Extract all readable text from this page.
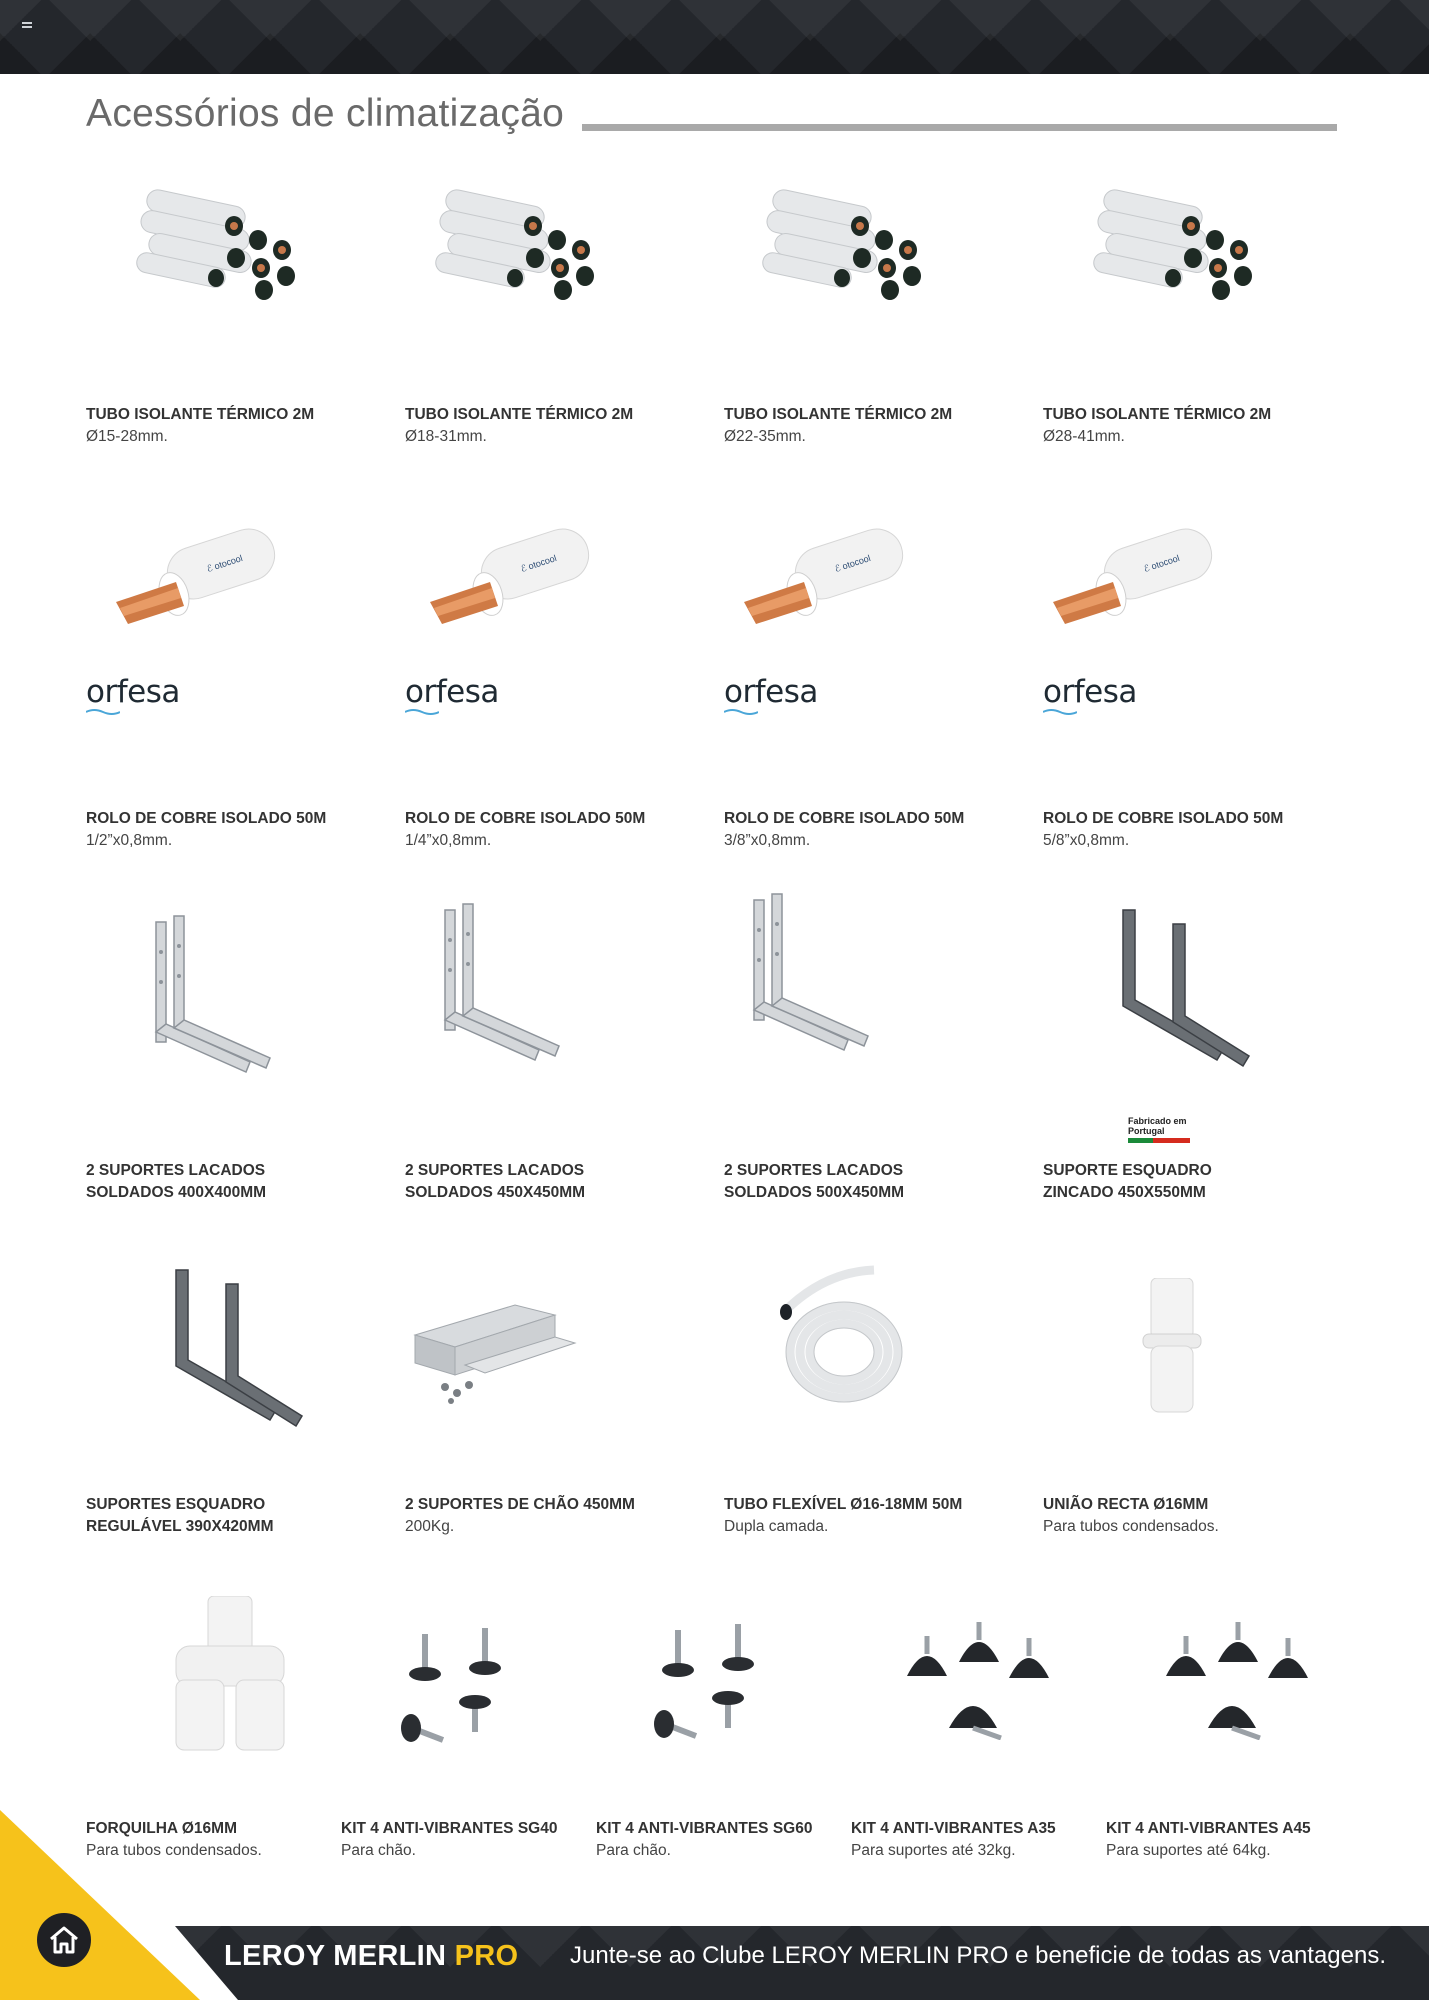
Acessórios de climatização
TUBO ISOLANTE TÉRMICO 2M
Ø15-28mm.
TUBO ISOLANTE TÉRMICO 2M
Ø18-31mm.
TUBO ISOLANTE TÉRMICO 2M
Ø22-35mm.
TUBO ISOLANTE TÉRMICO 2M
Ø28-41mm.
orfesa
ROLO DE COBRE ISOLADO 50M
1/2”x0,8mm.
orfesa
ROLO DE COBRE ISOLADO 50M
1/4”x0,8mm.
orfesa
ROLO DE COBRE ISOLADO 50M
3/8”x0,8mm.
orfesa
ROLO DE COBRE ISOLADO 50M
5/8”x0,8mm.
2 SUPORTES LACADOS
SOLDADOS 400X400MM
2 SUPORTES LACADOS
SOLDADOS 450X450MM
2 SUPORTES LACADOS
SOLDADOS 500X450MM
SUPORTE ESQUADRO
ZINCADO 450X550MM
Fabricado em Portugal
SUPORTES ESQUADRO
REGULÁVEL 390X420MM
2 SUPORTES DE CHÃO 450MM
200Kg.
TUBO FLEXÍVEL Ø16-18MM 50M
Dupla camada.
UNIÃO RECTA Ø16MM
Para tubos condensados.
FORQUILHA Ø16MM
Para tubos condensados.
KIT 4 ANTI-VIBRANTES SG40
Para chão.
KIT 4 ANTI-VIBRANTES SG60
Para chão.
KIT 4 ANTI-VIBRANTES A35
Para suportes até 32kg.
KIT 4 ANTI-VIBRANTES A45
Para suportes até 64kg.
LEROY MERLIN PRO Junte-se ao Clube LEROY MERLIN PRO e beneficie de todas as vantagens.
